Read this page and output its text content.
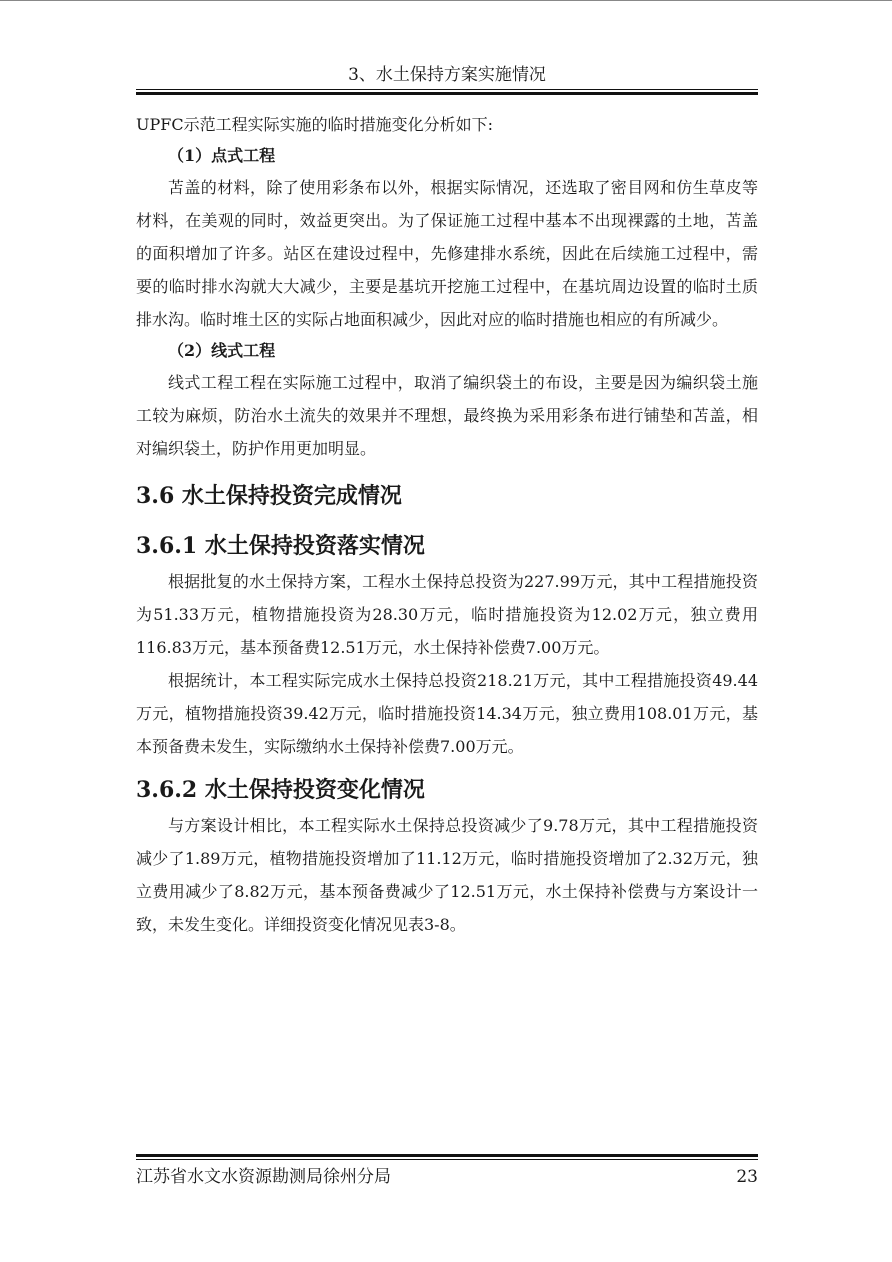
3、水土保持方案实施情况

UPFC示范工程实际实施的临时措施变化分析如下:

（1）点式工程

苫盖的材料，除了使用彩条布以外，根据实际情况，还选取了密目网和仿生草皮等材料，在美观的同时，效益更突出。为了保证施工过程中基本不出现裸露的土地，苫盖的面积增加了许多。站区在建设过程中，先修建排水系统，因此在后续施工过程中，需要的临时排水沟就大大减少，主要是基坑开挖施工过程中，在基坑周边设置的临时土质排水沟。临时堆土区的实际占地面积减少，因此对应的临时措施也相应的有所减少。

（2）线式工程

线式工程工程在实际施工过程中，取消了编织袋土的布设，主要是因为编织袋土施工较为麻烦，防治水土流失的效果并不理想，最终换为采用彩条布进行铺垫和苫盖，相对编织袋土，防护作用更加明显。

3.6 水土保持投资完成情况
3.6.1 水土保持投资落实情况

根据批复的水土保持方案，工程水土保持总投资为227.99万元，其中工程措施投资为51.33万元，植物措施投资为28.30万元，临时措施投资为12.02万元，独立费用116.83万元，基本预备费12.51万元，水土保持补偿费7.00万元。

根据统计，本工程实际完成水土保持总投资218.21万元，其中工程措施投资49.44万元，植物措施投资39.42万元，临时措施投资14.34万元，独立费用108.01万元，基本预备费未发生，实际缴纳水土保持补偿费7.00万元。

3.6.2 水土保持投资变化情况

与方案设计相比，本工程实际水土保持总投资减少了9.78万元，其中工程措施投资减少了1.89万元，植物措施投资增加了11.12万元，临时措施投资增加了2.32万元，独立费用减少了8.82万元，基本预备费减少了12.51万元，水土保持补偿费与方案设计一致，未发生变化。详细投资变化情况见表3-8。

江苏省水文水资源勘测局徐州分局	23
